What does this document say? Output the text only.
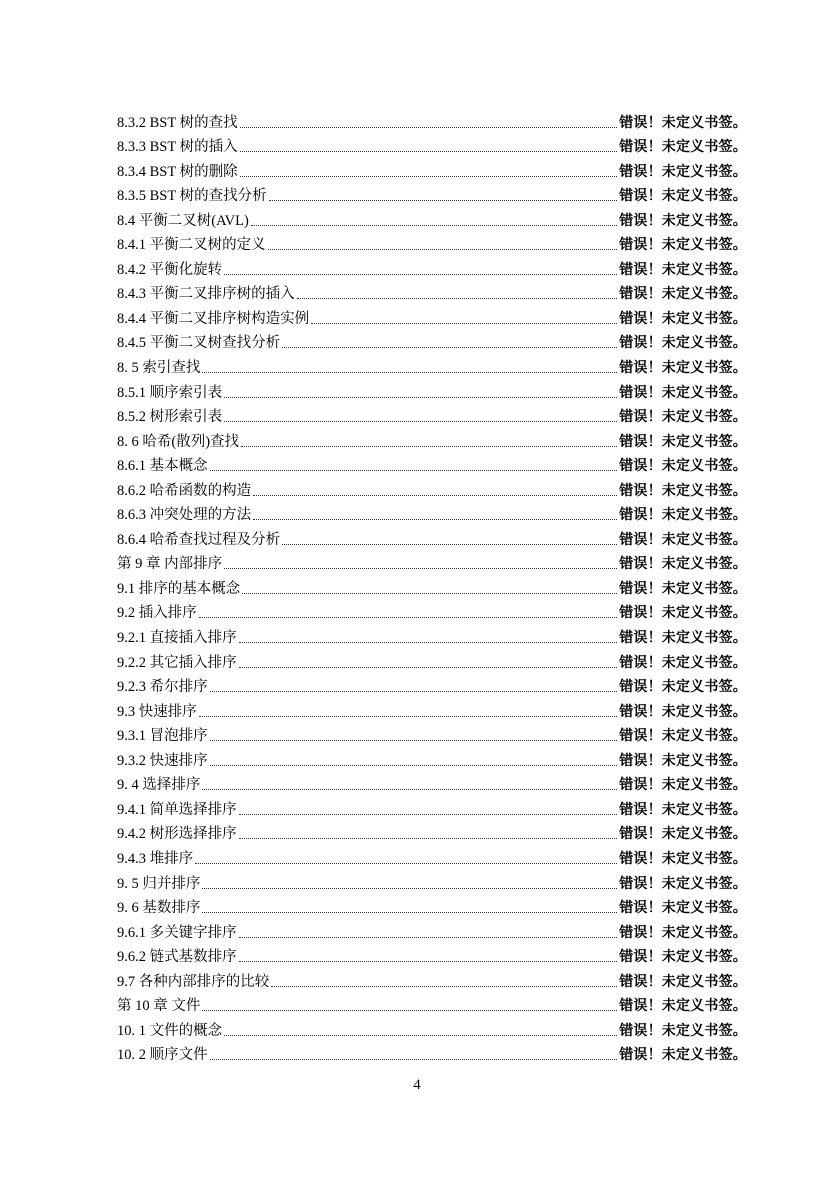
8.3.2 BST 树的查找	错误！未定义书签。
8.3.3 BST 树的插入	错误！未定义书签。
8.3.4 BST 树的删除	错误！未定义书签。
8.3.5 BST 树的查找分析	错误！未定义书签。
8.4 平衡二叉树(AVL)	错误！未定义书签。
8.4.1 平衡二叉树的定义	错误！未定义书签。
8.4.2 平衡化旋转	错误！未定义书签。
8.4.3 平衡二叉排序树的插入	错误！未定义书签。
8.4.4 平衡二叉排序树构造实例	错误！未定义书签。
8.4.5 平衡二叉树查找分析	错误！未定义书签。
8. 5 索引查找	错误！未定义书签。
8.5.1 顺序索引表	错误！未定义书签。
8.5.2 树形索引表	错误！未定义书签。
8. 6 哈希(散列)查找	错误！未定义书签。
8.6.1 基本概念	错误！未定义书签。
8.6.2 哈希函数的构造	错误！未定义书签。
8.6.3 冲突处理的方法	错误！未定义书签。
8.6.4 哈希查找过程及分析	错误！未定义书签。
第 9 章 内部排序	错误！未定义书签。
9.1 排序的基本概念	错误！未定义书签。
9.2 插入排序	错误！未定义书签。
9.2.1 直接插入排序	错误！未定义书签。
9.2.2 其它插入排序	错误！未定义书签。
9.2.3 希尔排序	错误！未定义书签。
9.3 快速排序	错误！未定义书签。
9.3.1 冒泡排序	错误！未定义书签。
9.3.2 快速排序	错误！未定义书签。
9. 4 选择排序	错误！未定义书签。
9.4.1 简单选择排序	错误！未定义书签。
9.4.2 树形选择排序	错误！未定义书签。
9.4.3 堆排序	错误！未定义书签。
9. 5 归并排序	错误！未定义书签。
9. 6 基数排序	错误！未定义书签。
9.6.1 多关键字排序	错误！未定义书签。
9.6.2 链式基数排序	错误！未定义书签。
9.7 各种内部排序的比较	错误！未定义书签。
第 10 章 文件	错误！未定义书签。
10. 1 文件的概念	错误！未定义书签。
10. 2 顺序文件	错误！未定义书签。
4
